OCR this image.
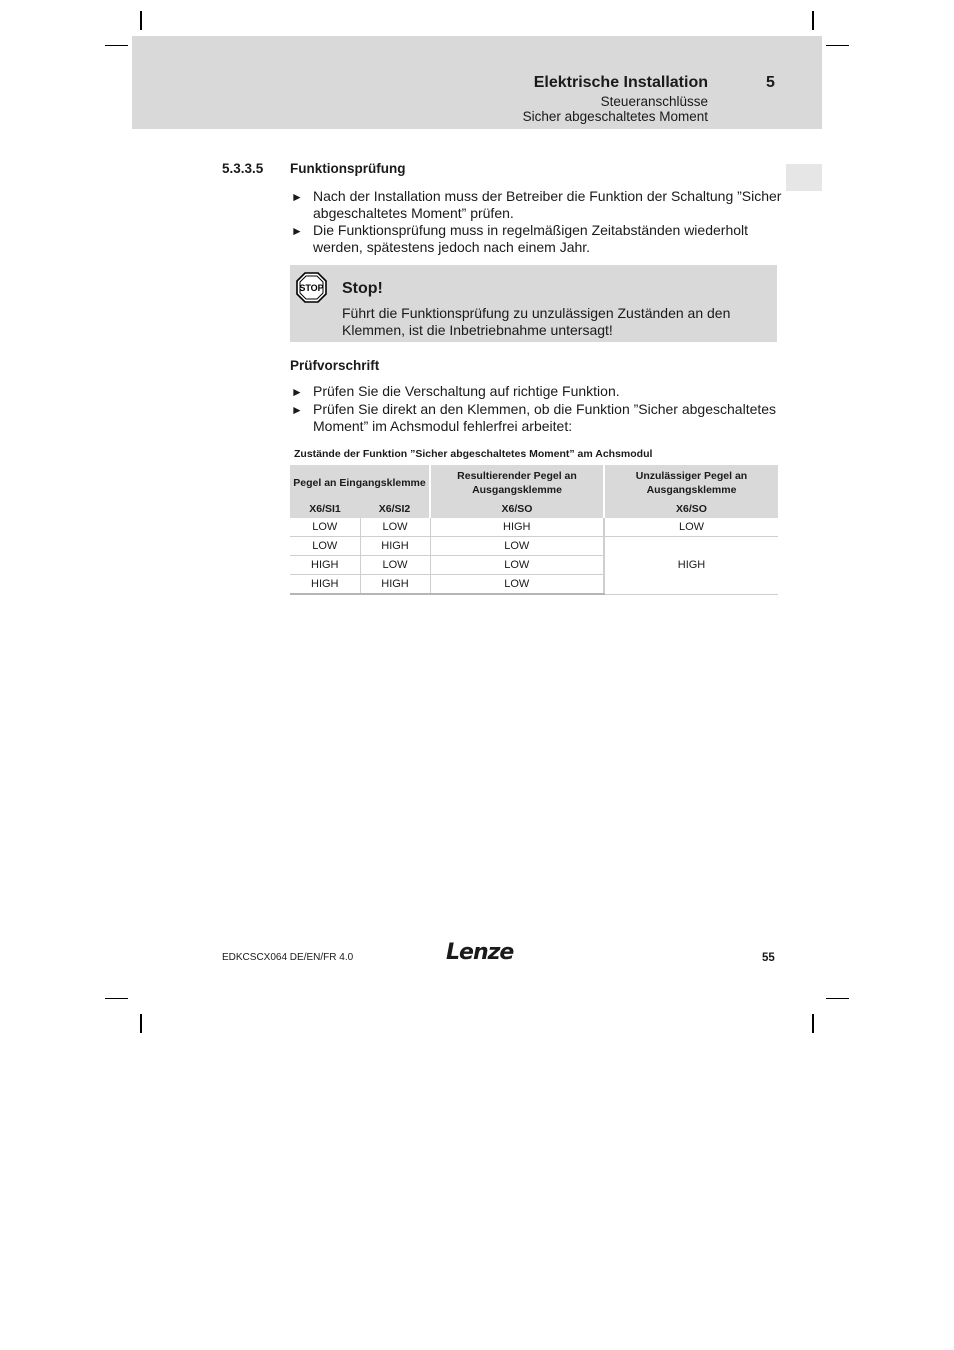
Elektrische Installation	5
Steueranschlüsse
Sicher abgeschaltetes Moment
5.3.3.5 Funktionsprüfung
► Nach der Installation muss der Betreiber die Funktion der Schaltung ”Sicher abgeschaltetes Moment” prüfen.
► Die Funktionsprüfung muss in regelmäßigen Zeitabständen wiederholt werden, spätestens jedoch nach einem Jahr.
STOP Stop!
Führt die Funktionsprüfung zu unzulässigen Zuständen an den Klemmen, ist die Inbetriebnahme untersagt!
Prüfvorschrift
► Prüfen Sie die Verschaltung auf richtige Funktion.
► Prüfen Sie direkt an den Klemmen, ob die Funktion ”Sicher abgeschaltetes Moment” im Achsmodul fehlerfrei arbeitet:
Zustände der Funktion ”Sicher abgeschaltetes Moment” am Achsmodul
Pegel an Eingangsklemme		Resultierender Pegel an Ausgangsklemme	Unzulässiger Pegel an Ausgangsklemme
X6/SI1	X6/SI2	X6/SO	X6/SO
LOW	LOW	HIGH	LOW
LOW	HIGH	LOW	HIGH
HIGH	LOW	LOW	
HIGH	HIGH	LOW	
EDKCSCX064 DE/EN/FR 4.0	Lenze	55
